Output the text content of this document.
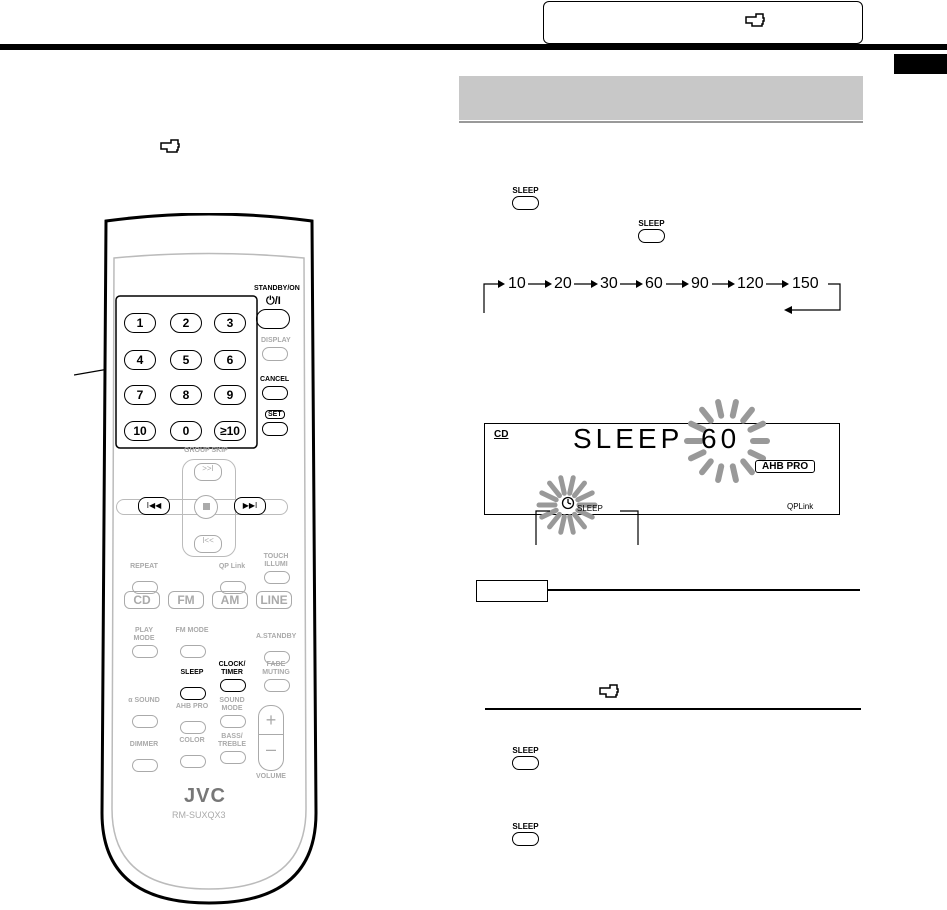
SLEEP
SLEEP
10 20 30 60 90 120 150
CD SLEEP 60
AHB PRO
SLEEP	QPLink
SLEEP
SLEEP
1	2	3
4	5	6
7	8	9
10	0	≥10
STANDBY/ON
⏻/I
DISPLAY
CANCEL
SET
GROUP SKIP
>>I
I<<
I◀◀	▶▶I
REPEAT	QP Link
TOUCH ILLUMI
PLAY MODE
FM MODE
A.STANDBY
SLEEP
CLOCK/ TIMER
FADE MUTING
α SOUND
AHB PRO
SOUND MODE
DIMMER
COLOR
BASS/ TREBLE
CD	FM	AM	LINE
+
–
VOLUME
JVC
RM-SUXQX3
